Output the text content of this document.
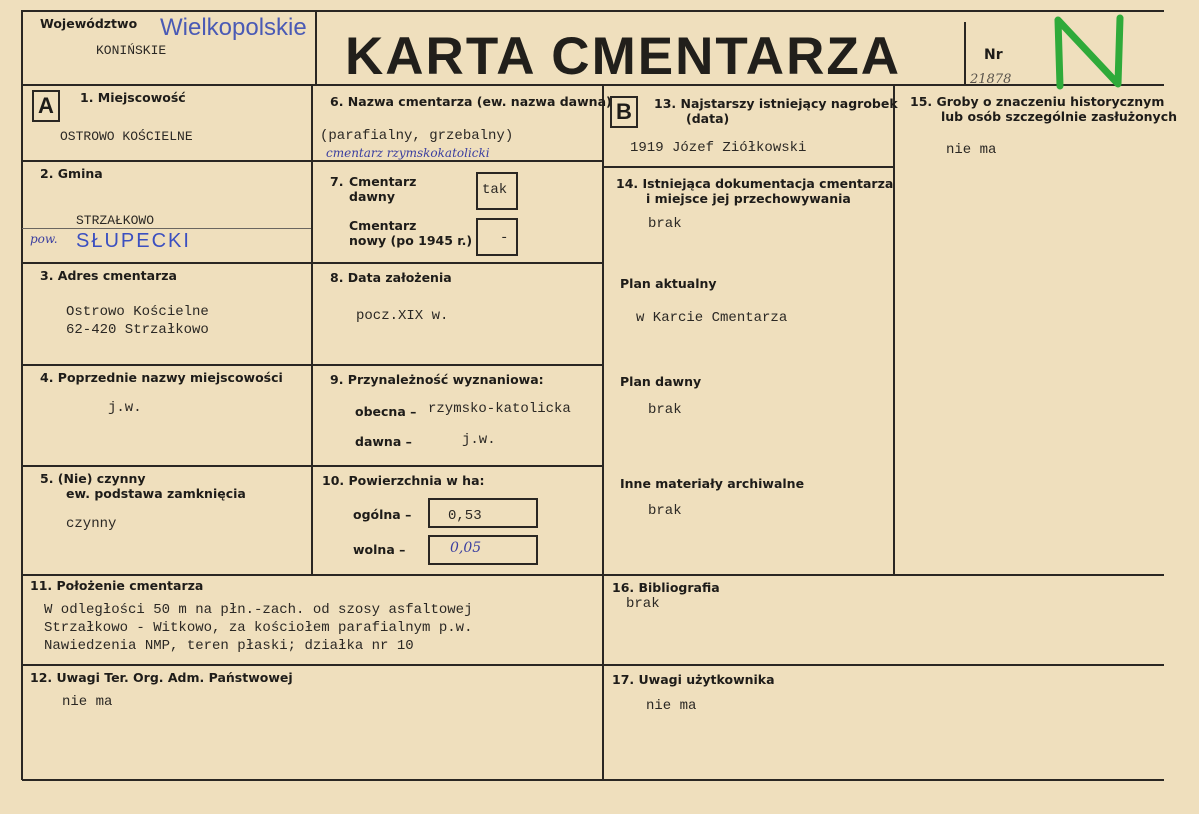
Województwo
KONIŃSKIE
Wielkopolskie KARTA CMENTARZA	Nr
21878
A	1. Miejscowość
OSTROWO KOŚCIELNE
2. Gmina
STRZAŁKOWO
pow. SŁUPECKI
3. Adres cmentarza
Ostrowo Kościelne
62-420 Strzałkowo
4. Poprzednie nazwy miejscowości
j.w.
5. (Nie) czynny
ew. podstawa zamknięcia
czynny
6. Nazwa cmentarza (ew. nazwa dawna)
(parafialny, grzebalny)
cmentarz rzymskokatolicki
7. Cmentarz
dawny	tak
Cmentarz
nowy (po 1945 r.) -
8. Data założenia
pocz.XIX w.
9. Przynależność wyznaniowa:
obecna – rzymsko-katolicka
dawna –	j.w.
10. Powierzchnia w ha:
ogólna –	0,53
wolna –	0,05
B	13. Najstarszy istniejący nagrobek
(data)
1919 Józef Ziółkowski
14. Istniejąca dokumentacja cmentarza
i miejsce jej przechowywania
brak
Plan aktualny
w Karcie Cmentarza
Plan dawny
brak
Inne materiały archiwalne
brak
15. Groby o znaczeniu historycznym
lub osób szczególnie zasłużonych
nie ma
11. Położenie cmentarza
W odległości 50 m na płn.-zach. od szosy asfaltowej
Strzałkowo - Witkowo, za kościołem parafialnym p.w.
Nawiedzenia NMP, teren płaski; działka nr 10
16. Bibliografia
brak
12. Uwagi Ter. Org. Adm. Państwowej
nie ma
17. Uwagi użytkownika
nie ma
